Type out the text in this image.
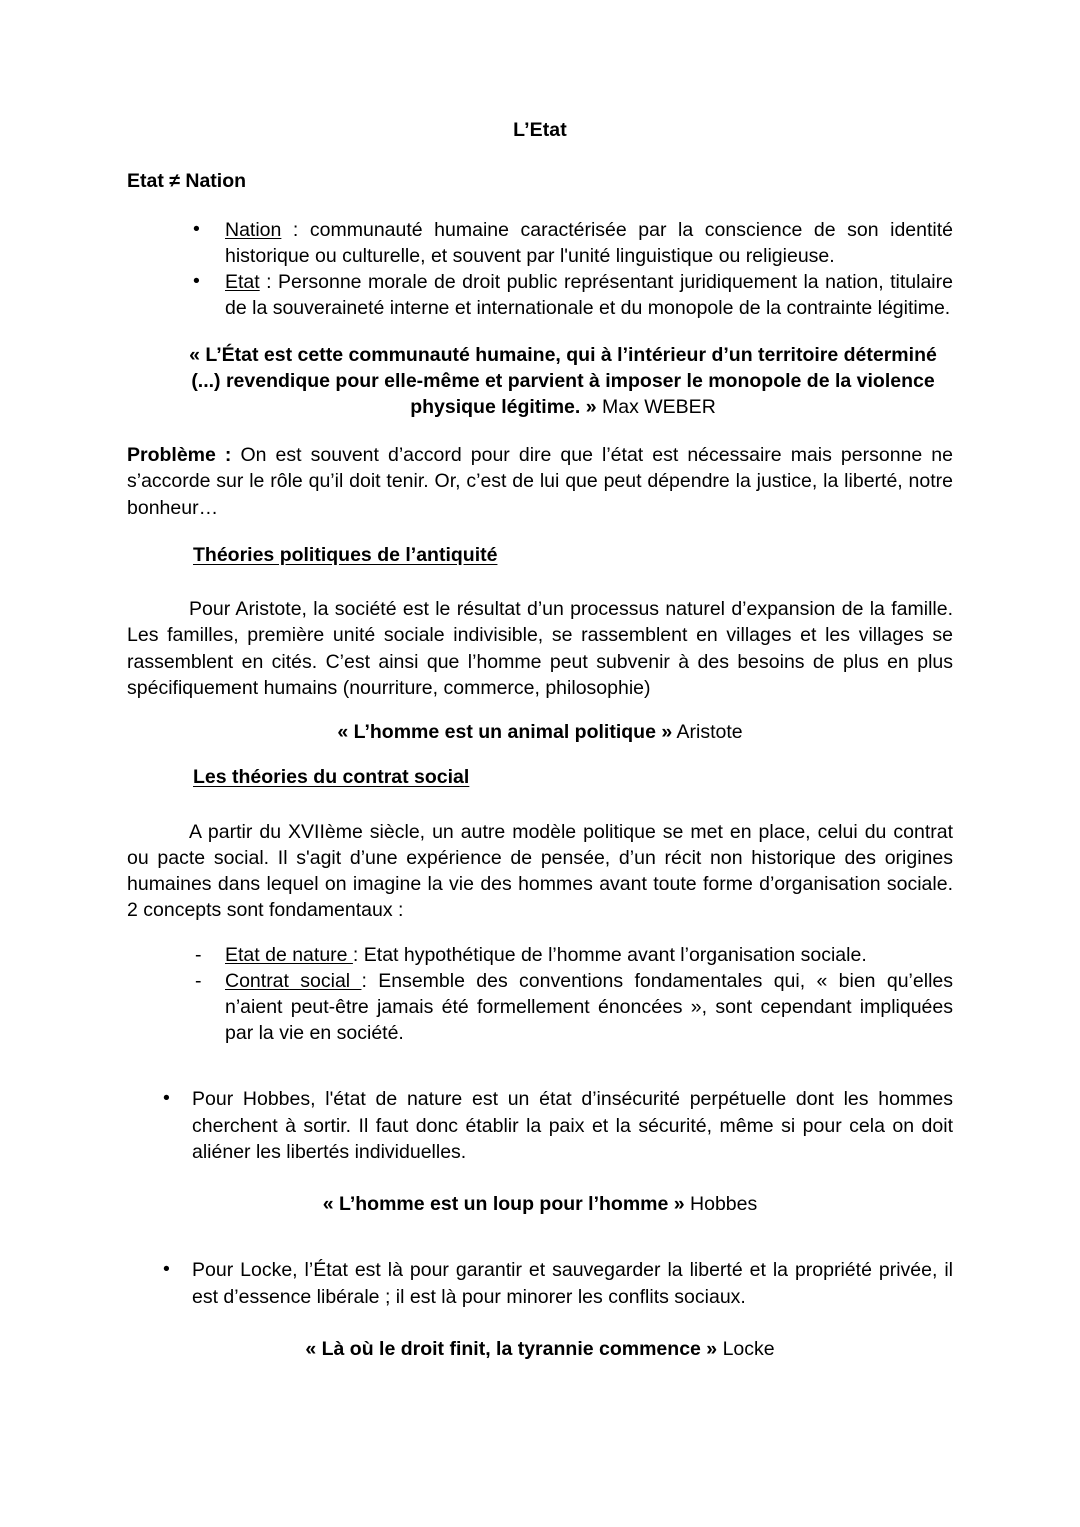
L’Etat
Etat ≠ Nation
• Nation : communauté humaine caractérisée par la conscience de son identité historique ou culturelle, et souvent par l'unité linguistique ou religieuse.
• Etat : Personne morale de droit public représentant juridiquement la nation, titulaire de la souveraineté interne et internationale et du monopole de la contrainte légitime.

« L’État est cette communauté humaine, qui à l’intérieur d’un territoire déterminé (...) revendique pour elle-même et parvient à imposer le monopole de la violence physique légitime. » Max WEBER

Problème : On est souvent d’accord pour dire que l’état est nécessaire mais personne ne s’accorde sur le rôle qu’il doit tenir. Or, c’est de lui que peut dépendre la justice, la liberté, notre bonheur…

Théories politiques de l’antiquité

Pour Aristote, la société est le résultat d’un processus naturel d’expansion de la famille. Les familles, première unité sociale indivisible, se rassemblent en villages et les villages se rassemblent en cités. C’est ainsi que l’homme peut subvenir à des besoins de plus en plus spécifiquement humains (nourriture, commerce, philosophie)

« L’homme est un animal politique » Aristote

Les théories du contrat social

A partir du XVIIème siècle, un autre modèle politique se met en place, celui du contrat ou pacte social. Il s'agit d’une expérience de pensée, d’un récit non historique des origines humaines dans lequel on imagine la vie des hommes avant toute forme d’organisation sociale. 2 concepts sont fondamentaux :

- Etat de nature : Etat hypothétique de l’homme avant l’organisation sociale.
- Contrat social : Ensemble des conventions fondamentales qui, « bien qu’elles n’aient peut-être jamais été formellement énoncées », sont cependant impliquées par la vie en société.
• Pour Hobbes, l'état de nature est un état d’insécurité perpétuelle dont les hommes cherchent à sortir. Il faut donc établir la paix et la sécurité, même si pour cela on doit aliéner les libertés individuelles.

« L’homme est un loup pour l’homme » Hobbes

• Pour Locke, l’État est là pour garantir et sauvegarder la liberté et la propriété privée, il est d’essence libérale ; il est là pour minorer les conflits sociaux.

« Là où le droit finit, la tyrannie commence » Locke
